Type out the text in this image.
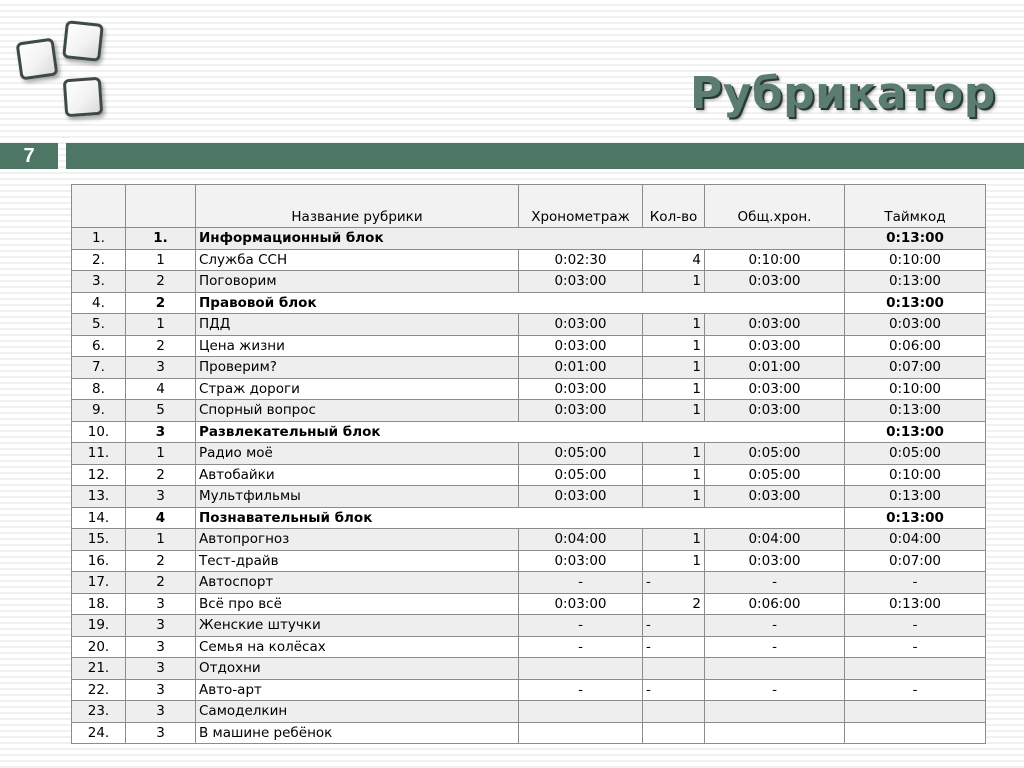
Рубрикатор
7
		Название рубрики	Хронометраж	Кол-во	Общ.хрон.	Таймкод
1.	1.	Информационный блок				0:13:00
2.	1	Служба ССН	0:02:30	4	0:10:00	0:10:00
3.	2	Поговорим	0:03:00	1	0:03:00	0:13:00
4.	2	Правовой блок				0:13:00
5.	1	ПДД	0:03:00	1	0:03:00	0:03:00
6.	2	Цена жизни	0:03:00	1	0:03:00	0:06:00
7.	3	Проверим?	0:01:00	1	0:01:00	0:07:00
8.	4	Страж дороги	0:03:00	1	0:03:00	0:10:00
9.	5	Спорный вопрос	0:03:00	1	0:03:00	0:13:00
10.	3	Развлекательный блок				0:13:00
11.	1	Радио моё	0:05:00	1	0:05:00	0:05:00
12.	2	Автобайки	0:05:00	1	0:05:00	0:10:00
13.	3	Мультфильмы	0:03:00	1	0:03:00	0:13:00
14.	4	Познавательный блок				0:13:00
15.	1	Автопрогноз	0:04:00	1	0:04:00	0:04:00
16.	2	Тест-драйв	0:03:00	1	0:03:00	0:07:00
17.	2	Автоспорт	-	-	-	-
18.	3	Всё про всё	0:03:00	2	0:06:00	0:13:00
19.	3	Женские штучки	-	-	-	-
20.	3	Семья на колёсах	-	-	-	-
21.	3	Отдохни				
22.	3	Авто-арт	-	-	-	-
23.	3	Самоделкин				
24.	3	В машине ребёнок				
